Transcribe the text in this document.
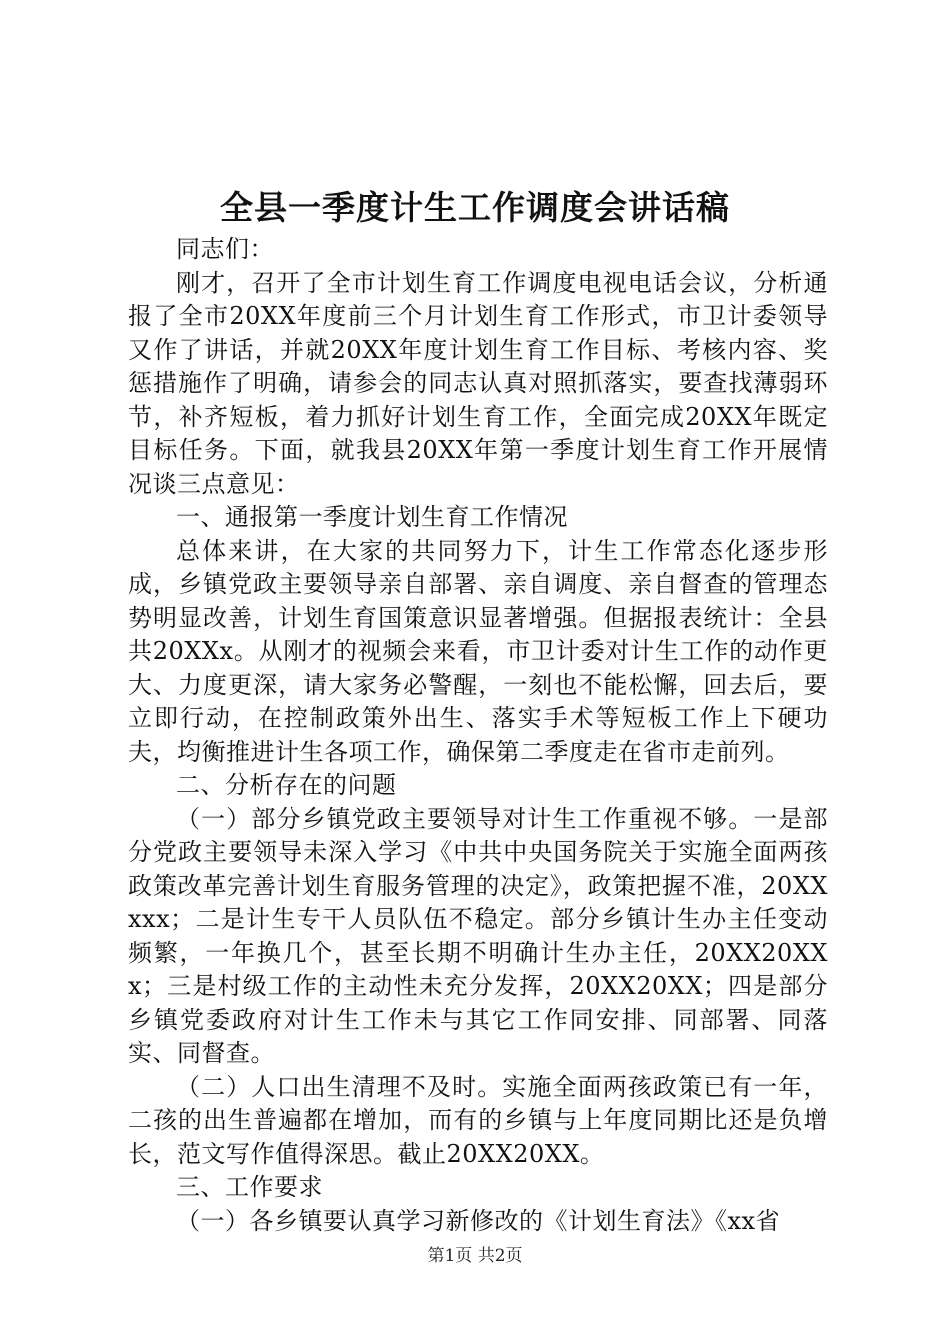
全县一季度计生工作调度会讲话稿

同志们：

刚才，召开了全市计划生育工作调度电视电话会议，分析通报了全市20XX年度前三个月计划生育工作形式，市卫计委领导又作了讲话，并就20XX年度计划生育工作目标、考核内容、奖惩措施作了明确，请参会的同志认真对照抓落实，要查找薄弱环节，补齐短板，着力抓好计划生育工作，全面完成20XX年既定目标任务。下面，就我县20XX年第一季度计划生育工作开展情况谈三点意见：

一、通报第一季度计划生育工作情况

总体来讲，在大家的共同努力下，计生工作常态化逐步形成，乡镇党政主要领导亲自部署、亲自调度、亲自督查的管理态势明显改善，计划生育国策意识显著增强。但据报表统计：全县共20XXx。从刚才的视频会来看，市卫计委对计生工作的动作更大、力度更深，请大家务必警醒，一刻也不能松懈，回去后，要立即行动，在控制政策外出生、落实手术等短板工作上下硬功夫，均衡推进计生各项工作，确保第二季度走在省市走前列。

二、分析存在的问题

（一）部分乡镇党政主要领导对计生工作重视不够。一是部分党政主要领导未深入学习《中共中央国务院关于实施全面两孩政策改革完善计划生育服务管理的决定》，政策把握不准，20XXxxx；二是计生专干人员队伍不稳定。部分乡镇计生办主任变动频繁，一年换几个，甚至长期不明确计生办主任，20XX20XXx；三是村级工作的主动性未充分发挥，20XX20XX；四是部分乡镇党委政府对计生工作未与其它工作同安排、同部署、同落实、同督查。

（二）人口出生清理不及时。实施全面两孩政策已有一年，二孩的出生普遍都在增加，而有的乡镇与上年度同期比还是负增长，范文写作值得深思。截止20XX20XX。

三、工作要求

（一）各乡镇要认真学习新修改的《计划生育法》《xx省

第1页 共2页
